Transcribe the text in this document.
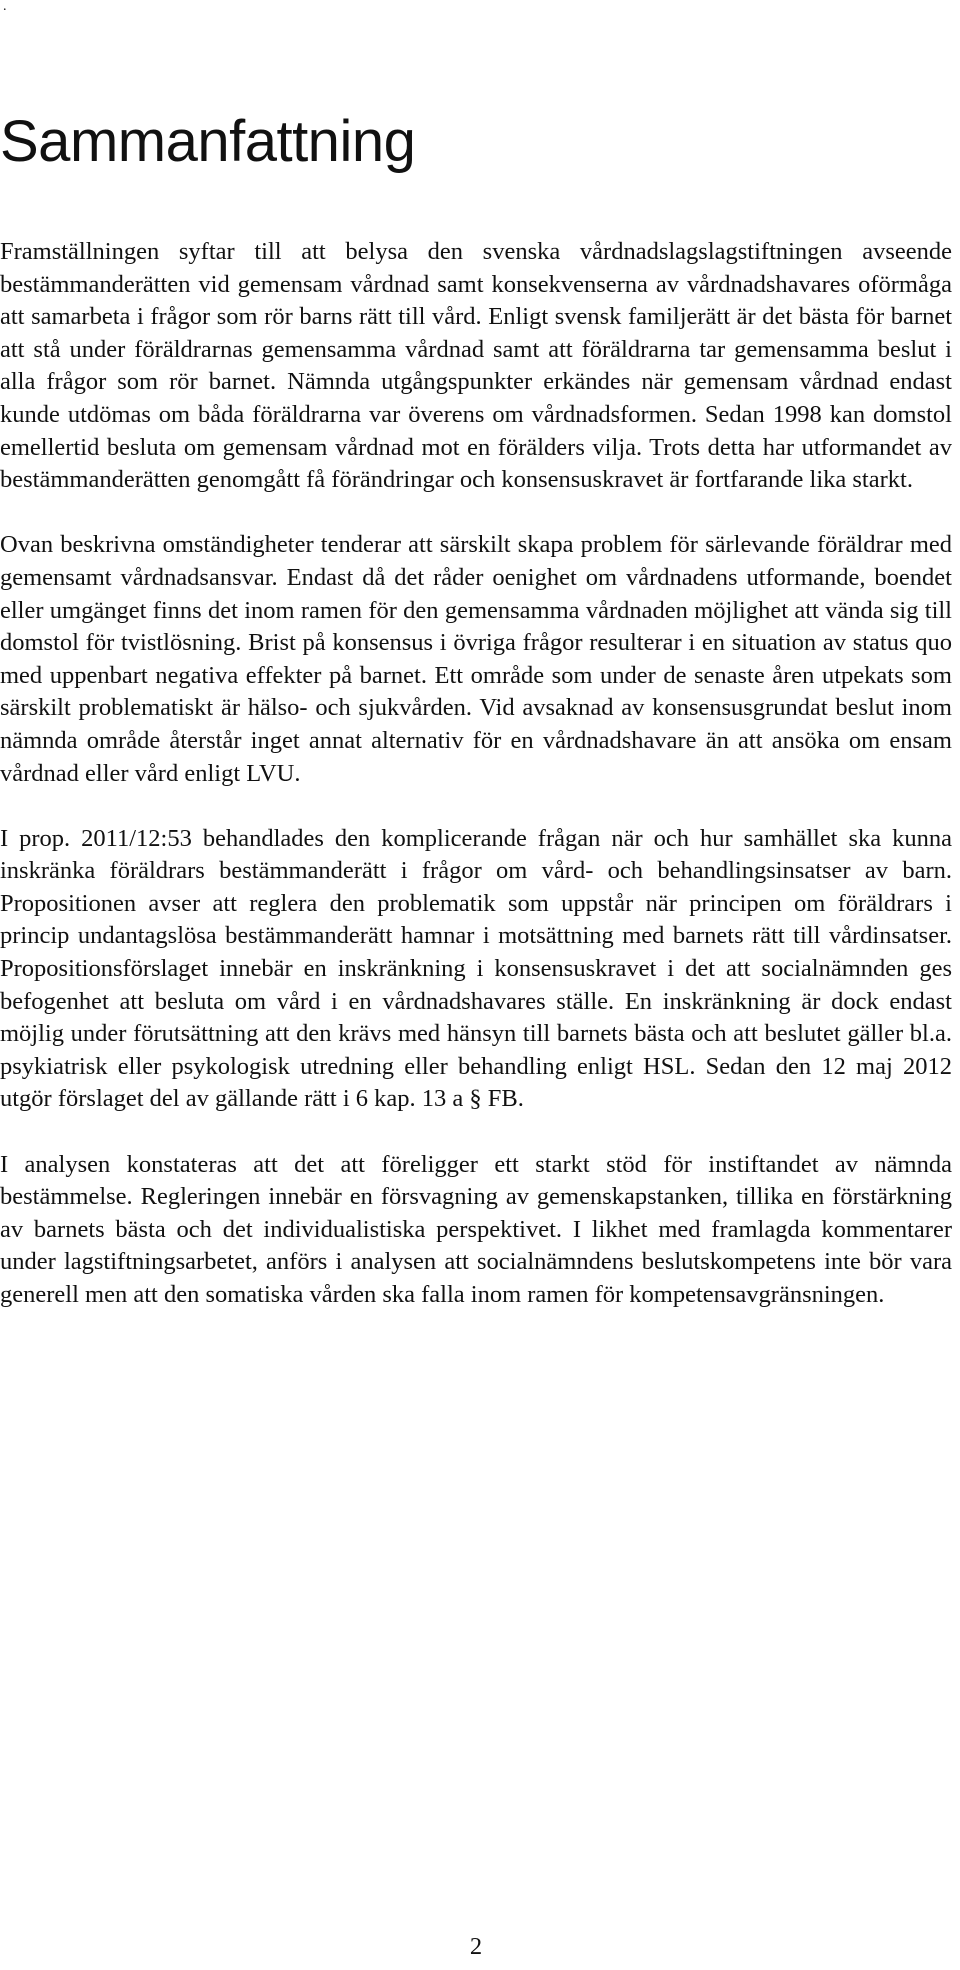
.
Sammanfattning

Framställningen syftar till att belysa den svenska vårdnadslagslagstiftningen avseende bestämmanderätten vid gemensam vårdnad samt konsekvenserna av vårdnadshavares oförmåga att samarbeta i frågor som rör barns rätt till vård. Enligt svensk familjerätt är det bästa för barnet att stå under föräldrarnas gemensamma vårdnad samt att föräldrarna tar gemensamma beslut i alla frågor som rör barnet. Nämnda utgångspunkter erkändes när gemensam vårdnad endast kunde utdömas om båda föräldrarna var överens om vårdnadsformen. Sedan 1998 kan domstol emellertid besluta om gemensam vårdnad mot en förälders vilja. Trots detta har utformandet av bestämmanderätten genomgått få förändringar och konsensuskravet är fortfarande lika starkt.

Ovan beskrivna omständigheter tenderar att särskilt skapa problem för särlevande föräldrar med gemensamt vårdnadsansvar. Endast då det råder oenighet om vårdnadens utformande, boendet eller umgänget finns det inom ramen för den gemensamma vårdnaden möjlighet att vända sig till domstol för tvistlösning. Brist på konsensus i övriga frågor resulterar i en situation av status quo med uppenbart negativa effekter på barnet. Ett område som under de senaste åren utpekats som särskilt problematiskt är hälso- och sjukvården. Vid avsaknad av konsensusgrundat beslut inom nämnda område återstår inget annat alternativ för en vårdnadshavare än att ansöka om ensam vårdnad eller vård enligt LVU.

I prop. 2011/12:53 behandlades den komplicerande frågan när och hur samhället ska kunna inskränka föräldrars bestämmanderätt i frågor om vård- och behandlingsinsatser av barn. Propositionen avser att reglera den problematik som uppstår när principen om föräldrars i princip undantagslösa bestämmanderätt hamnar i motsättning med barnets rätt till vårdinsatser. Propositionsförslaget innebär en inskränkning i konsensuskravet i det att socialnämnden ges befogenhet att besluta om vård i en vårdnadshavares ställe. En inskränkning är dock endast möjlig under förutsättning att den krävs med hänsyn till barnets bästa och att beslutet gäller bl.a. psykiatrisk eller psykologisk utredning eller behandling enligt HSL. Sedan den 12 maj 2012 utgör förslaget del av gällande rätt i 6 kap. 13 a § FB.

I analysen konstateras att det att föreligger ett starkt stöd för instiftandet av nämnda bestämmelse. Regleringen innebär en försvagning av gemenskapstanken, tillika en förstärkning av barnets bästa och det individualistiska perspektivet. I likhet med framlagda kommentarer under lagstiftningsarbetet, anförs i analysen att socialnämndens beslutskompetens inte bör vara generell men att den somatiska vården ska falla inom ramen för kompetensavgränsningen.

2
